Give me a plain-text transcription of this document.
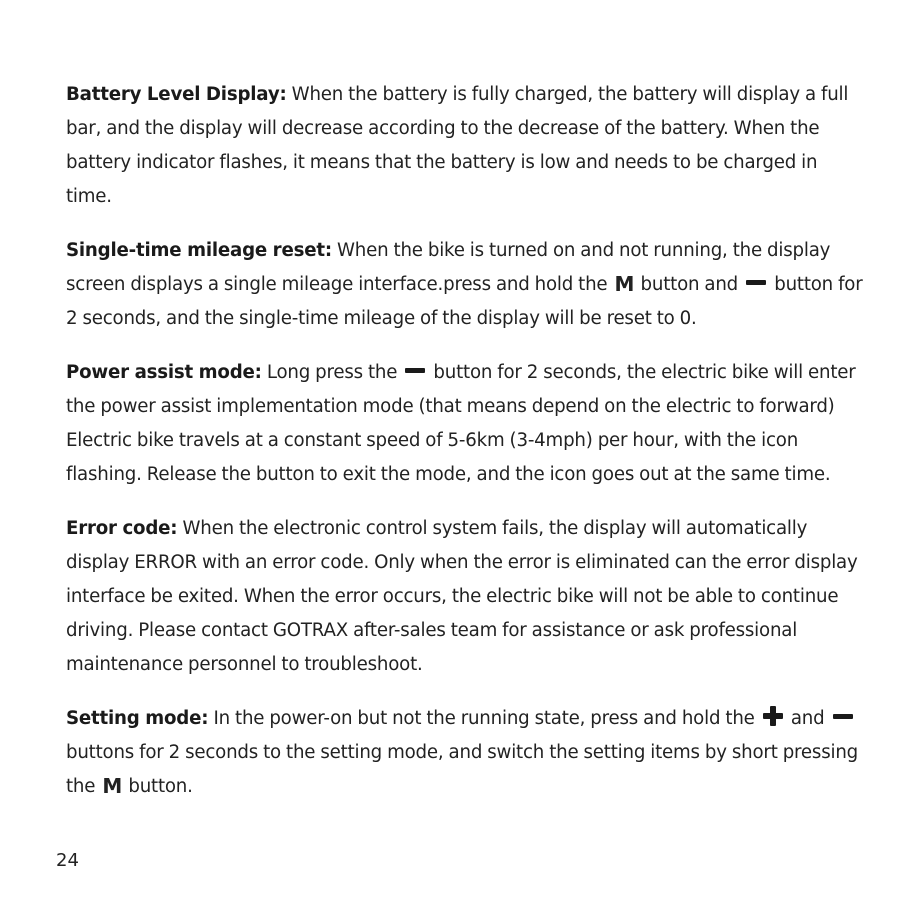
Battery Level Display: When the battery is fully charged, the battery will display a full bar, and the display will decrease according to the decrease of the battery. When the battery indicator flashes, it means that the battery is low and needs to be charged in time.

Single-time mileage reset: When the bike is turned on and not running, the display screen displays a single mileage interface.press and hold the M button and button for 2 seconds, and the single-time mileage of the display will be reset to 0.

Power assist mode: Long press the button for 2 seconds, the electric bike will enter the power assist implementation mode (that means depend on the electric to forward) Electric bike travels at a constant speed of 5-6km (3-4mph) per hour, with the icon flashing. Release the button to exit the mode, and the icon goes out at the same time.

Error code: When the electronic control system fails, the display will automatically display ERROR with an error code. Only when the error is eliminated can the error display interface be exited. When the error occurs, the electric bike will not be able to continue driving. Please contact GOTRAX after-sales team for assistance or ask professional maintenance personnel to troubleshoot.

Setting mode: In the power-on but not the running state, press and hold the and buttons for 2 seconds to the setting mode, and switch the setting items by short pressing the M button.

24
